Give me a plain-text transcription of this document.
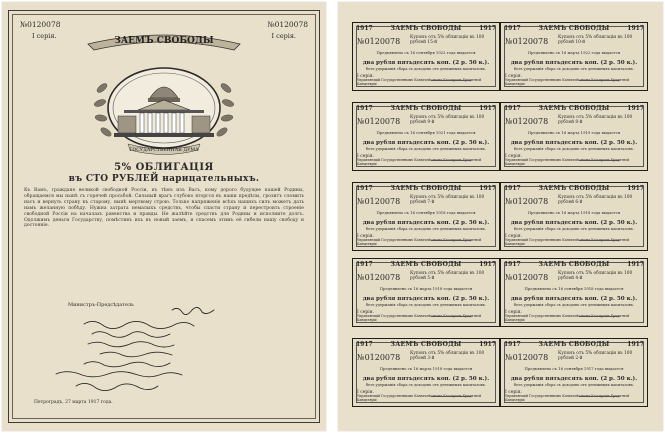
№0120078	№0120078
I серія.	I серія.
ЗАЕМЪ СВОБОДЫ
ГОСУДАРСТВЕННАЯ ДУМА
5% ОБЛИГАЦІЯ
въ СТО РУБЛЕЙ нарицательныхъ.
Къ Вамъ, граждане великой свободной Россіи, къ тѣмъ изъ Васъ, кому дорого будущее нашей Родины, обращаемся мы нынѣ съ горячей просьбой. Сильный врагъ глубоко вторгся въ наши предѣлы, грозитъ сломить насъ и вернуть страну къ старому, нынѣ мертвому строю. Только напряженіе всѣхъ нашихъ силъ можетъ дать намъ желанную побѣду. Нужна затрата немалыхъ средствъ, чтобы спасти страну и перестроить строеніе свободной Россіи на началахъ равенства и правды. Не жалѣйте средствъ для Родины и исполните долгъ. Одолжимъ деньги Государству, помѣстивъ ихъ въ новый заемъ, и спасемъ этимъ её гибели нашу свободу и достояніе.
Министръ-Предсѣдатель
Петроградъ, 27 марта 1917 года.
1917	ЗАЕМЪ СВОБОДЫ	1917
№0120078 Купонъ отъ 5% облигаціи въ 100 рублей 15-й
Предъявлено съ 16 сентября 1922 года выдается
два рубля пятьдесять коп. (2 р. 50 к.).
безъ удержанія сбора съ доходовъ отъ денежныхъ капиталовъ.
I серія.
Управляющій Государственнымъ Казначействомъ Кассиромъ Кредитной Канцеляріи
1917	ЗАЕМЪ СВОБОДЫ	1917
№0120078 Купонъ отъ 5% облигаціи въ 100 рублей 10-й
Предъявлено съ 16 марта 1922 года выдается
два рубля пятьдесять коп. (2 р. 50 к.).
безъ удержанія сбора съ доходовъ отъ денежныхъ капиталовъ.
I серія.
Управляющій Государственнымъ Казначействомъ Кассиромъ Кредитной Канцеляріи
1917	ЗАЕМЪ СВОБОДЫ	1917
№0120078 Купонъ отъ 5% облигаціи въ 100 рублей 9-й
Предъявлено съ 16 сентября 1921 года выдается
два рубля пятьдесять коп. (2 р. 50 к.).
безъ удержанія сбора съ доходовъ отъ денежныхъ капиталовъ.
I серія.
Управляющій Государственнымъ Казначействомъ Кассиромъ Кредитной Канцеляріи
1917	ЗАЕМЪ СВОБОДЫ	1917
№0120078 Купонъ отъ 5% облигаціи въ 100 рублей 8-й
Предъявлено съ 16 марта 1919 года выдается
два рубля пятьдесять коп. (2 р. 50 к.).
безъ удержанія сбора съ доходовъ отъ денежныхъ капиталовъ.
I серія.
Управляющій Государственнымъ Казначействомъ Кассиромъ Кредитной Канцеляріи
1917	ЗАЕМЪ СВОБОДЫ	1917
№0120078 Купонъ отъ 5% облигаціи въ 100 рублей 7-й
Предъявлено съ 16 сентября 1918 года выдается
два рубля пятьдесять коп. (2 р. 50 к.).
безъ удержанія сбора съ доходовъ отъ денежныхъ капиталовъ.
I серія.
Управляющій Государственнымъ Казначействомъ Кассиромъ Кредитной Канцеляріи
1917	ЗАЕМЪ СВОБОДЫ	1917
№0120078 Купонъ отъ 5% облигаціи въ 100 рублей 6-й
Предъявлено съ 16 марта 1918 года выдается
два рубля пятьдесять коп. (2 р. 50 к.).
безъ удержанія сбора съ доходовъ отъ денежныхъ капиталовъ.
I серія.
Управляющій Государственнымъ Казначействомъ Кассиромъ Кредитной Канцеляріи
1917	ЗАЕМЪ СВОБОДЫ	1917
№0120078 Купонъ отъ 5% облигаціи въ 100 рублей 5-й
Предъявлено съ 16 марта 1918 года выдается
два рубля пятьдесять коп. (2 р. 50 к.).
безъ удержанія сбора съ доходовъ отъ денежныхъ капиталовъ.
I серія.
Управляющій Государственнымъ Казначействомъ Кассиромъ Кредитной Канцеляріи
1917	ЗАЕМЪ СВОБОДЫ	1917
№0120078 Купонъ отъ 5% облигаціи въ 100 рублей 4-й
Предъявлено съ 16 сентября 1918 года выдается
два рубля пятьдесять коп. (2 р. 50 к.).
безъ удержанія сбора съ доходовъ отъ денежныхъ капиталовъ.
I серія.
Управляющій Государственнымъ Казначействомъ Кассиромъ Кредитной Канцеляріи
1917	ЗАЕМЪ СВОБОДЫ	1917
№0120078 Купонъ отъ 5% облигаціи въ 100 рублей 3-й
Предъявлено съ 16 марта 1918 года выдается
два рубля пятьдесять коп. (2 р. 50 к.).
безъ удержанія сбора съ доходовъ отъ денежныхъ капиталовъ.
I серія.
Управляющій Государственнымъ Казначействомъ Кассиромъ Кредитной Канцеляріи
1917	ЗАЕМЪ СВОБОДЫ	1917
№0120078 Купонъ отъ 5% облигаціи въ 100 рублей 2-й
Предъявлено съ 16 сентября 1917 года выдается
два рубля пятьдесять коп. (2 р. 50 к.).
безъ удержанія сбора съ доходовъ отъ денежныхъ капиталовъ.
I серія.
Управляющій Государственнымъ Казначействомъ Кассиромъ Кредитной Канцеляріи
